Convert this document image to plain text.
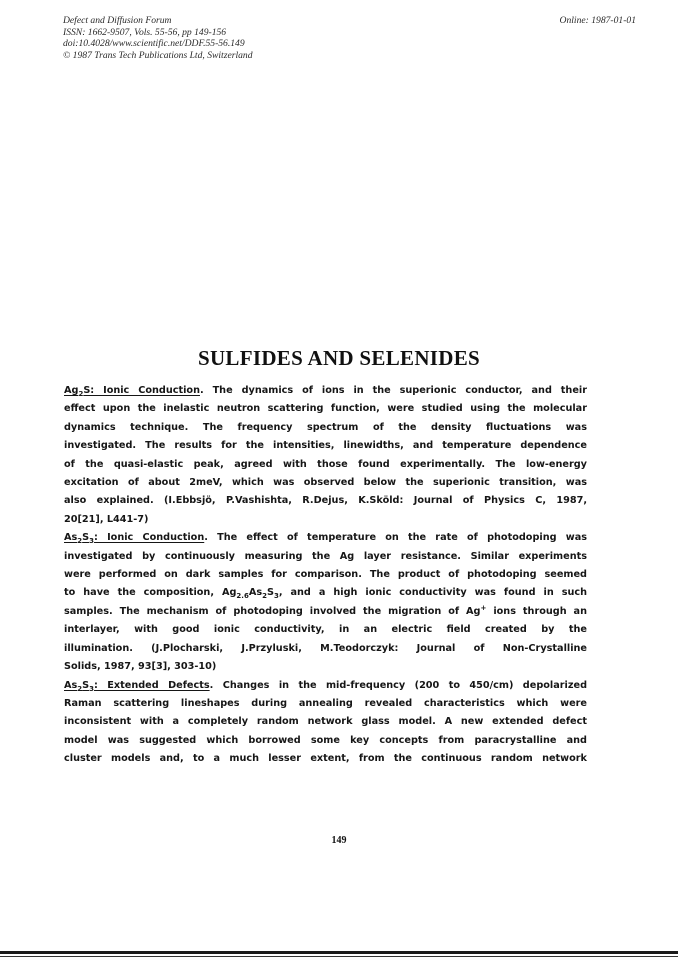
Defect and Diffusion Forum
ISSN: 1662-9507, Vols. 55-56, pp 149-156
doi:10.4028/www.scientific.net/DDF.55-56.149
© 1987 Trans Tech Publications Ltd, Switzerland
Online: 1987-01-01
SULFIDES AND SELENIDES
$Ag_2S$: Ionic Conduction. The dynamics of ions in the superionic conductor, and their
effect upon the inelastic neutron scattering function, were studied using the molecular
dynamics technique. The frequency spectrum of the density fluctuations was
investigated. The results for the intensities, linewidths, and temperature dependence
of the quasi-elastic peak, agreed with those found experimentally. The low-energy
excitation of about 2meV, which was observed below the superionic transition, was
also explained. (I.Ebbsjö, P.Vashishta, R.Dejus, K.Sköld: Journal of Physics C, 1987,
20[21], L441-7)
$As_2S_3$: Ionic Conduction. The effect of temperature on the rate of photodoping was
investigated by continuously measuring the Ag layer resistance. Similar experiments
were performed on dark samples for comparison. The product of photodoping seemed
to have the composition, $Ag_{2.6}As_2S_3$, and a high ionic conductivity was found in such
samples. The mechanism of photodoping involved the migration of Ag+ ions through an
interlayer, with good ionic conductivity, in an electric field created by the
illumination. (J.Plocharski, J.Przyluski, M.Teodorczyk: Journal of Non-Crystalline
Solids, 1987, 93[3], 303-10)
$As_2S_3$: Extended Defects. Changes in the mid-frequency (200 to 450/cm) depolarized
Raman scattering lineshapes during annealing revealed characteristics which were
inconsistent with a completely random network glass model. A new extended defect
model was suggested which borrowed some key concepts from paracrystalline and
cluster models and, to a much lesser extent, from the continuous random network
149
